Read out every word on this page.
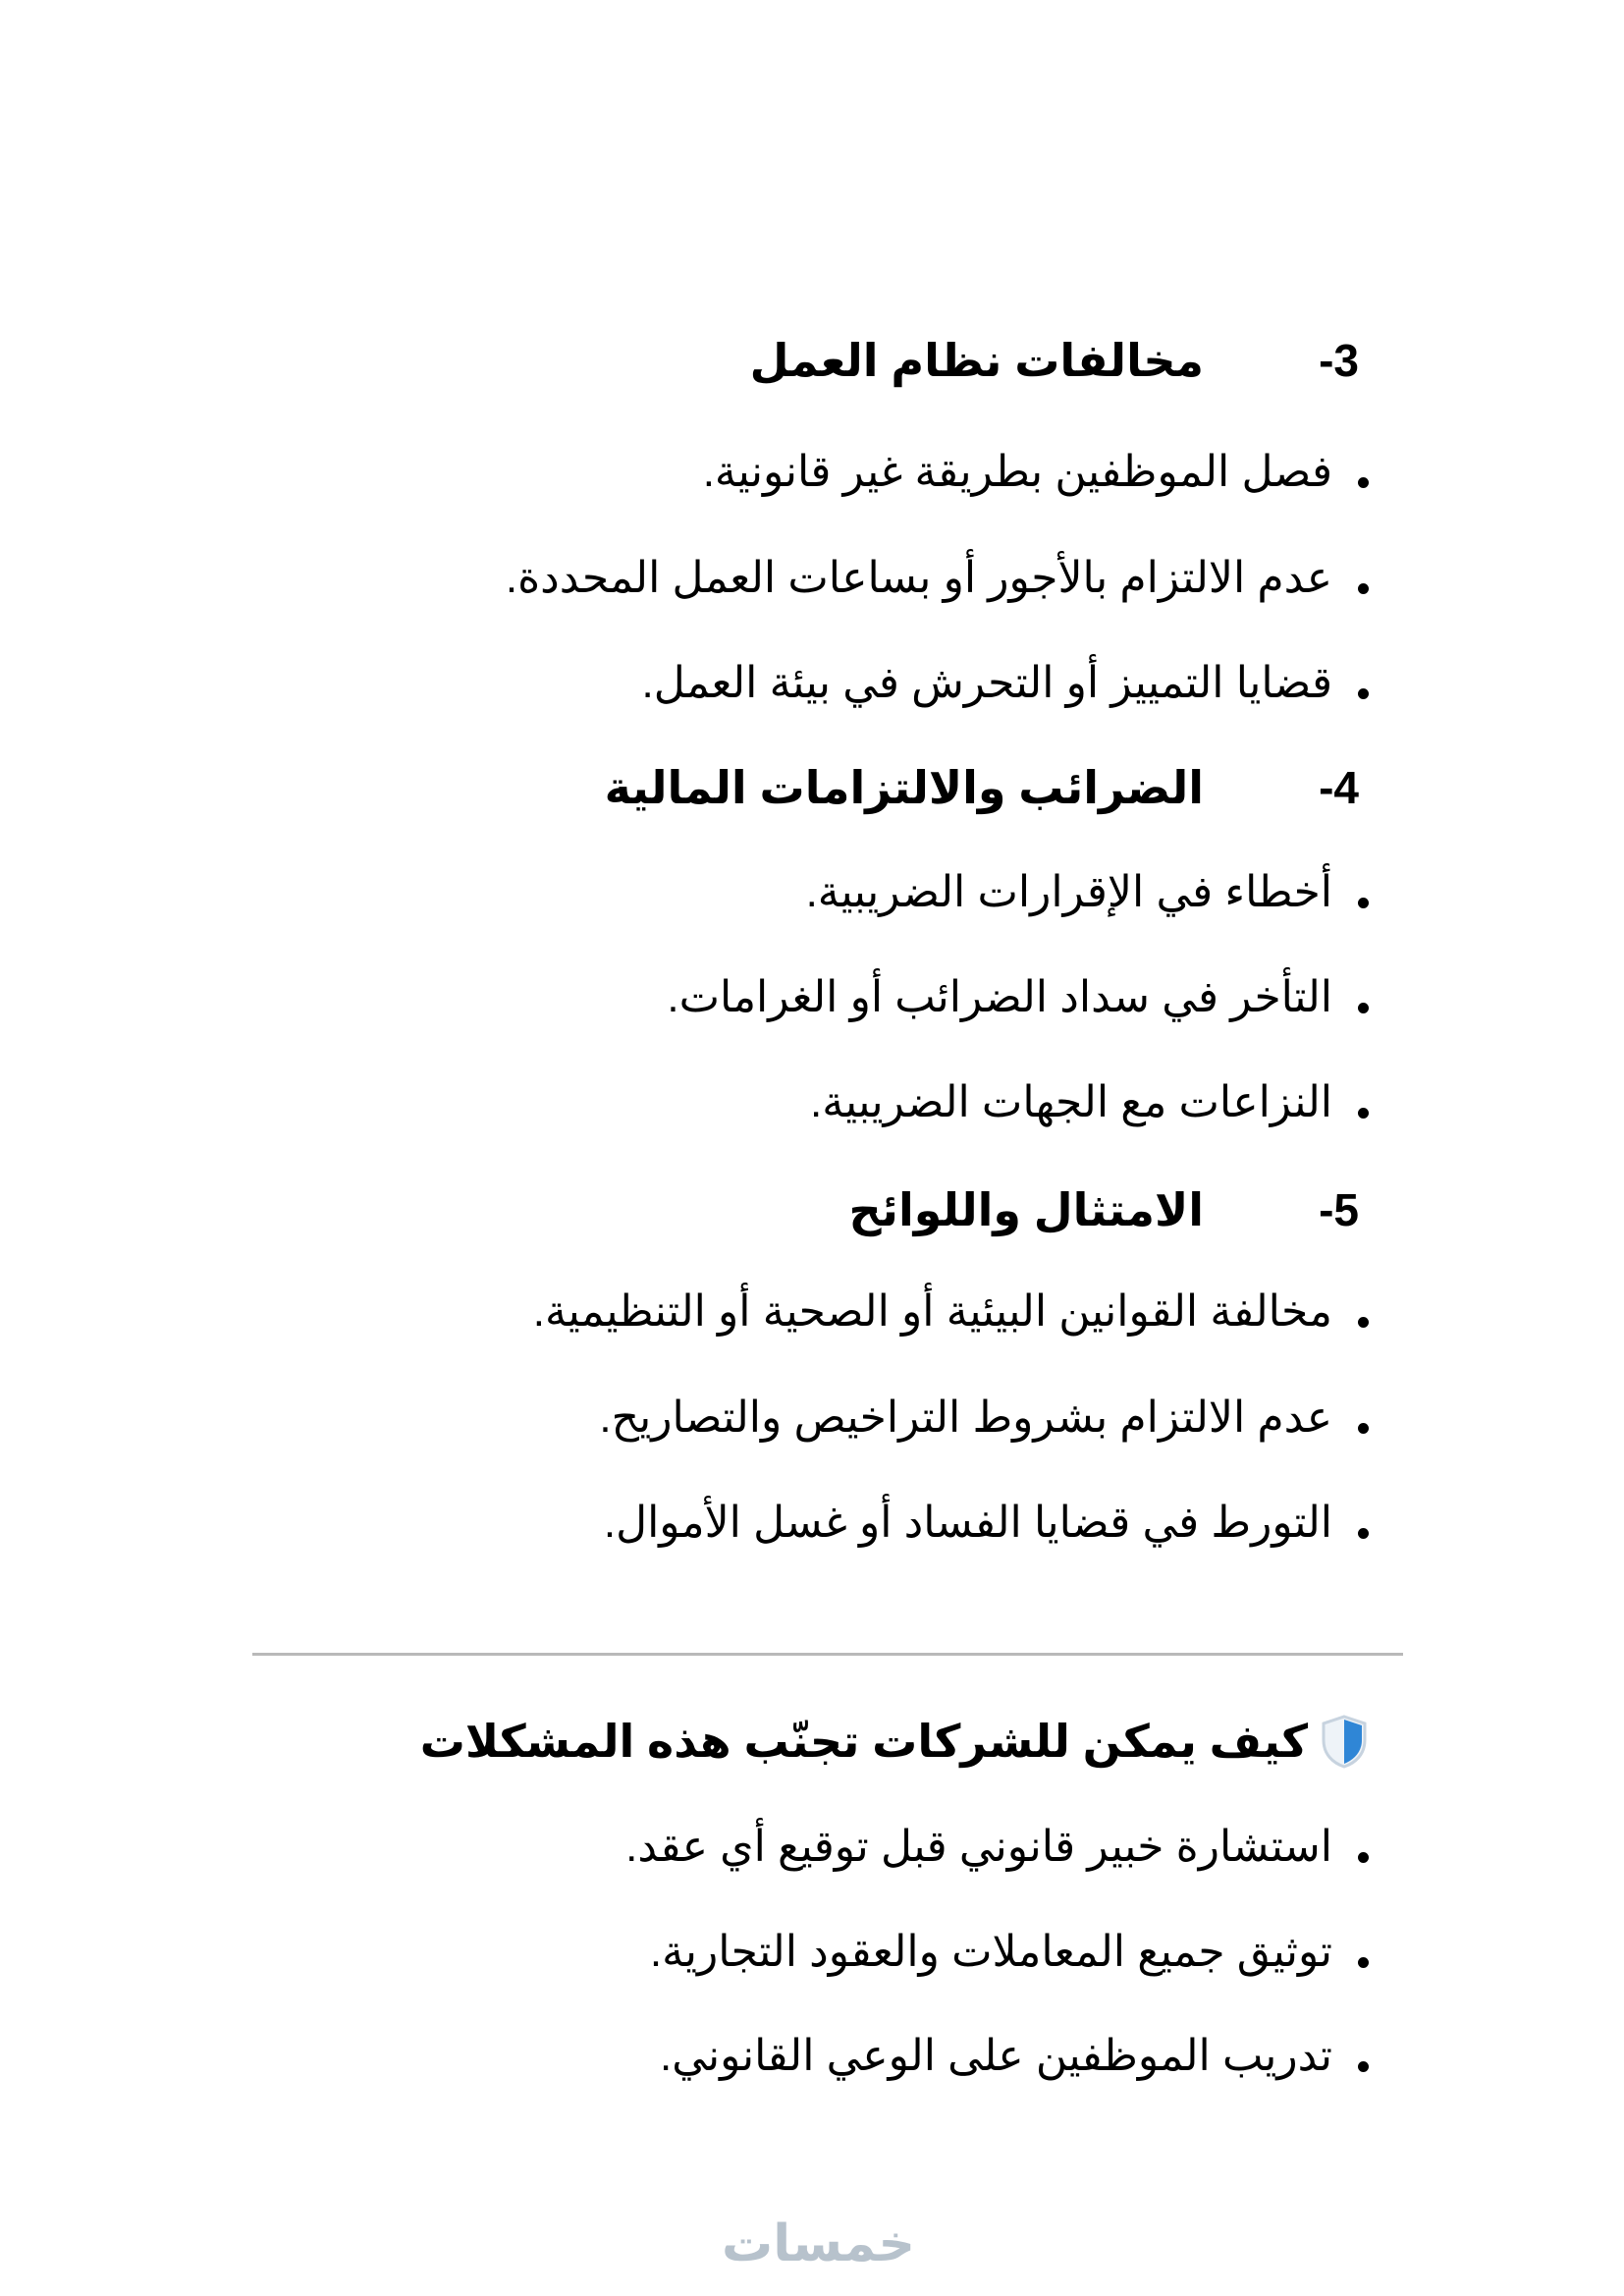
-3
مخالفات نظام العمل
فصل الموظفين بطريقة غير قانونية.
عدم الالتزام بالأجور أو بساعات العمل المحددة.
قضايا التمييز أو التحرش في بيئة العمل.
-4
الضرائب والالتزامات المالية
أخطاء في الإقرارات الضريبية.
التأخر في سداد الضرائب أو الغرامات.
النزاعات مع الجهات الضريبية.
-5
الامتثال واللوائح
مخالفة القوانين البيئية أو الصحية أو التنظيمية.
عدم الالتزام بشروط التراخيص والتصاريح.
التورط في قضايا الفساد أو غسل الأموال.
كيف يمكن للشركات تجنّب هذه المشكلات
استشارة خبير قانوني قبل توقيع أي عقد.
توثيق جميع المعاملات والعقود التجارية.
تدريب الموظفين على الوعي القانوني.
خمسات
